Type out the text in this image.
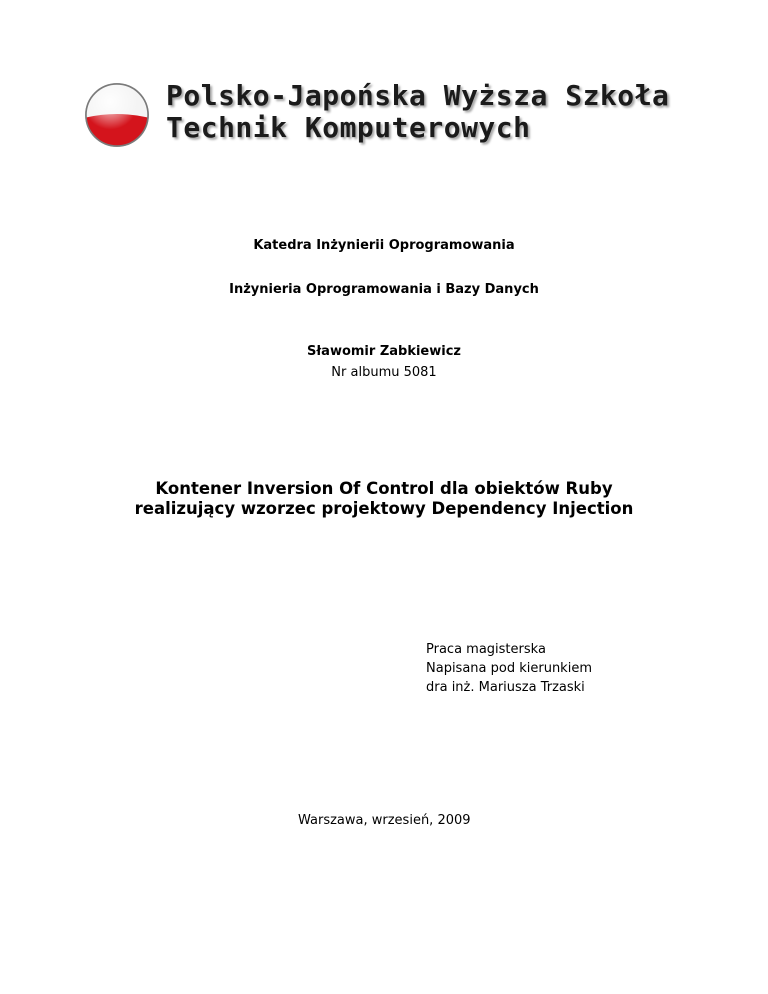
Polsko-Japońska Wyższa Szkoła
Technik Komputerowych
Katedra Inżynierii Oprogramowania
Inżynieria Oprogramowania i Bazy Danych
Sławomir Zabkiewicz
Nr albumu 5081
Kontener Inversion Of Control dla obiektów Ruby
realizujący wzorzec projektowy Dependency Injection
Praca magisterska
Napisana pod kierunkiem
dra inż. Mariusza Trzaski
Warszawa, wrzesień, 2009
